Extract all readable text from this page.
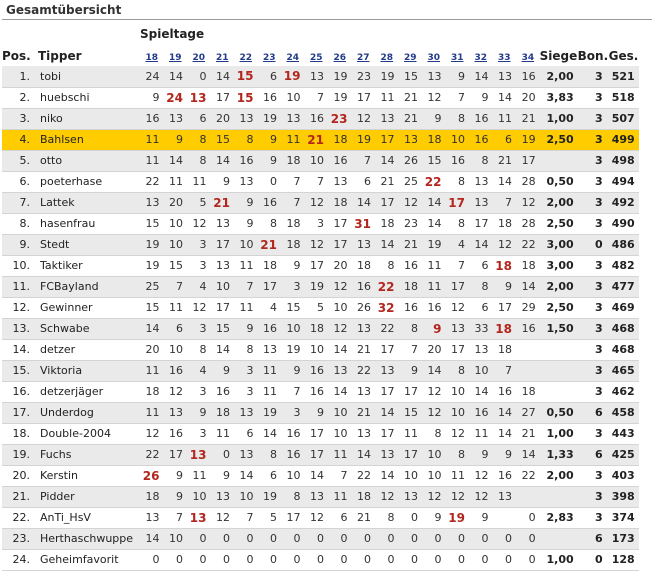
Gesamtübersicht
		Spieltage																			
Pos.	Tipper	18	19	20	21	22	23	24	25	26	27	28	29	30	31	32	33	34	Siege	Bon.	Ges.
1.	tobi	24	14	0	14	15	6	19	13	19	23	19	15	13	9	14	13	16	2,00	3	521
2.	huebschi	9	24	13	17	15	16	10	7	19	17	11	21	12	7	9	14	20	3,83	3	518
3.	niko	16	13	6	20	13	19	13	16	23	12	13	21	9	8	16	11	21	1,00	3	507
4.	Bahlsen	11	9	8	15	8	9	11	21	18	19	17	13	18	10	16	6	19	2,50	3	499
5.	otto	11	14	8	14	16	9	18	10	16	7	14	26	15	16	8	21	17		3	498
6.	poeterhase	22	11	11	9	13	0	7	7	13	6	21	25	22	8	13	14	28	0,50	3	494
7.	Lattek	13	20	5	21	9	16	7	12	18	14	17	12	14	17	13	7	12	2,00	3	492
8.	hasenfrau	15	10	12	13	9	8	18	3	17	31	18	23	14	8	17	18	28	2,50	3	490
9.	Stedt	19	10	3	17	10	21	18	12	17	13	14	21	19	4	14	12	22	3,00	0	486
10.	Taktiker	19	15	3	13	11	18	9	17	20	18	8	16	11	7	6	18	18	3,00	3	482
11.	FCBayland	25	7	4	10	7	17	3	19	12	16	22	18	11	17	8	9	14	2,00	3	477
12.	Gewinner	15	11	12	17	11	4	15	5	10	26	32	16	16	12	6	17	29	2,50	3	469
13.	Schwabe	14	6	3	15	9	16	10	18	12	13	22	8	9	13	33	18	16	1,50	3	468
14.	detzer	20	10	8	14	8	13	19	10	14	21	17	7	20	17	13	18			3	468
15.	Viktoria	11	16	4	9	3	11	9	16	13	22	13	9	14	8	10	7			3	465
16.	detzerjäger	18	12	3	16	3	11	7	16	14	13	17	17	12	10	14	16	18		3	462
17.	Underdog	11	13	9	18	13	19	3	9	10	21	14	15	12	10	16	14	27	0,50	6	458
18.	Double-2004	12	16	3	11	6	14	16	17	10	13	17	11	8	12	11	14	21	1,00	3	443
19.	Fuchs	22	17	13	0	13	8	16	17	11	14	13	17	10	8	9	9	14	1,33	6	425
20.	Kerstin	26	9	11	9	14	6	10	14	7	22	14	10	10	11	12	16	22	2,00	3	403
21.	Pidder	18	9	10	13	10	19	8	13	11	18	12	13	12	12	12	13			3	398
22.	AnTi_HsV	13	7	13	12	7	5	17	12	6	21	8	0	9	19	9		0	2,83	3	374
23.	Herthaschwuppe	14	10	0	0	0	0	0	0	0	0	0	0	0	0	0	0	0		6	173
24.	Geheimfavorit	0	0	0	0	0	0	0	0	0	0	0	0	0	0	0	0	0	1,00	0	128
